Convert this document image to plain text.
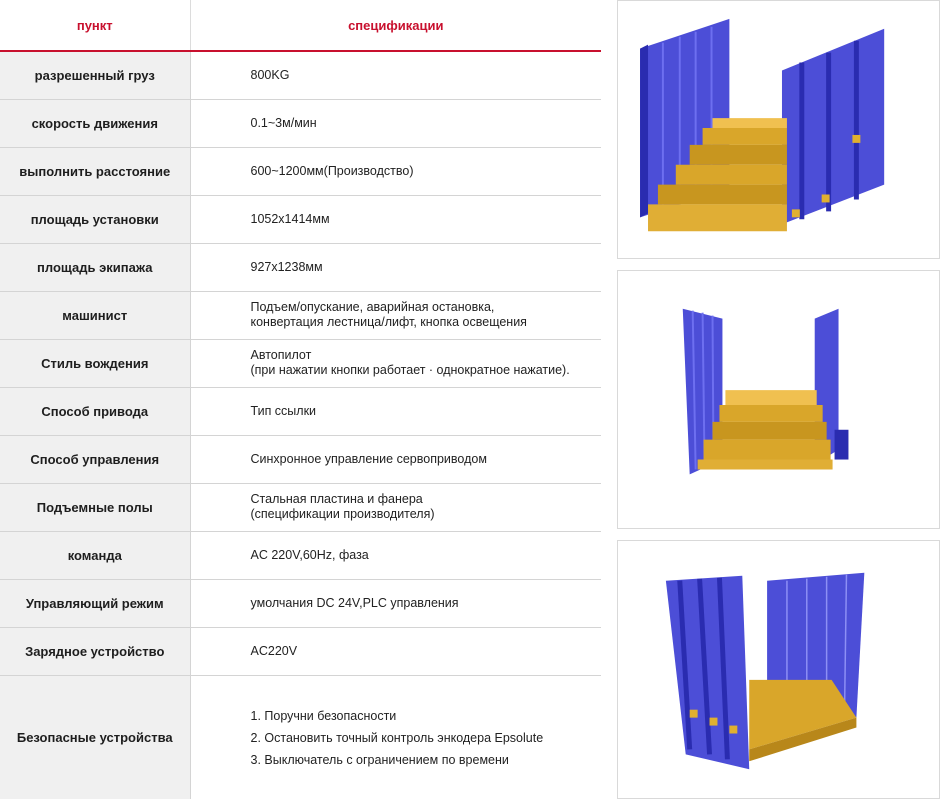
пункт	спецификации
разрешенный груз	800KG

скорость движения	0.1~3м/мин

выполнить расстояние	600~1200мм(Производство)

площадь установки	1052x1414мм

площадь экипажа	927x1238мм

машинист	Подъем/опускание, аварийная остановка,
конвертация лестница/лифт, кнопка освещения

Стиль вождения	Автопилот
(при нажатии кнопки работает · однократное нажатие).

Способ привода	Тип ссылки

Способ управления	Синхронное управление сервоприводом

Подъемные полы	Стальная пластина и фанера
(спецификации производителя)

команда	AC 220V,60Hz, фаза

Управляющий режим	умолчания DC 24V,PLC управления

Зарядное устройство	AC220V

Безопасные устройства	1. Поручни безопасности
2. Остановить точный контроль энкодера Epsolute
3. Выключатель с ограничением по времени
